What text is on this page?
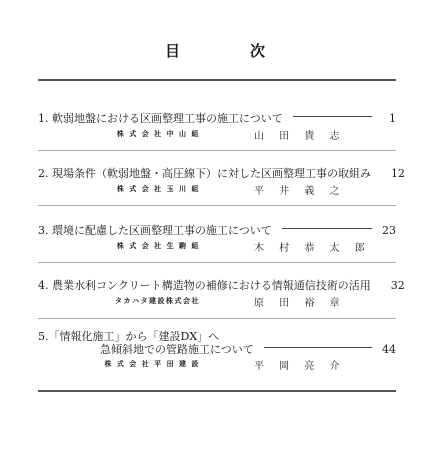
目	次
1. 軟弱地盤における区画整理工事の施工について	1
株 式 会 社 中 山 組	山 田 貴 志
2. 現場条件（軟弱地盤・高圧線下）に対した区画整理工事の取組み 12
株 式 会 社 玉 川 組	平 井 義 之
3. 環境に配慮した区画整理工事の施工について	23
株 式 会 社 生 駒 組	木 村 恭 太 郎
4. 農業水利コンクリート構造物の補修における情報通信技術の活用 32
タカハタ建設株式会社	原 田 裕 章
5.「情報化施工」から「建設DX」へ
急傾斜地での管路施工について	44
株 式 会 社 平 田 建 設	平 岡 亮 介
